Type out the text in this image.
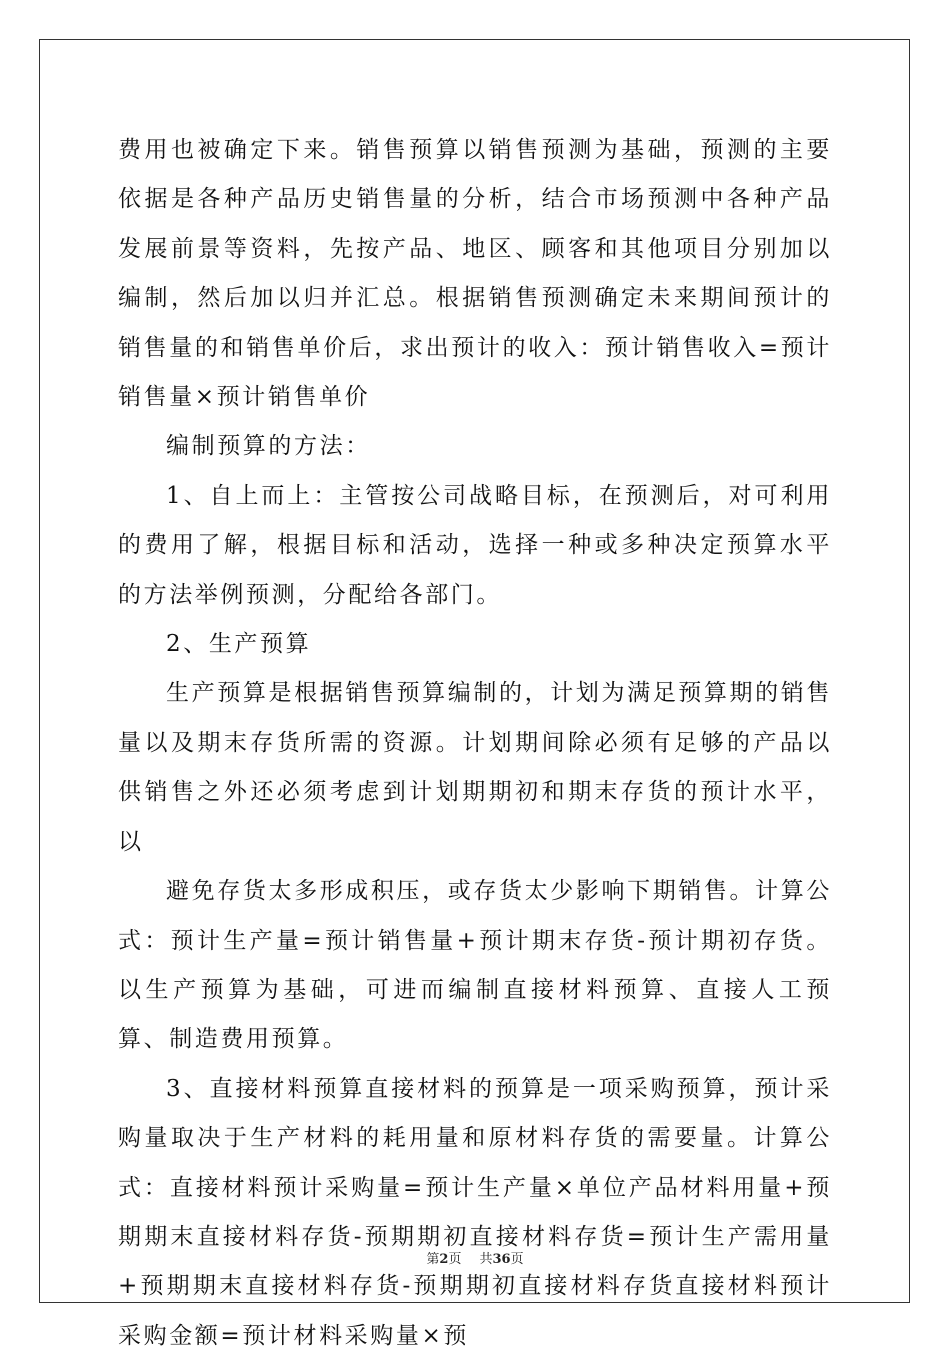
费用也被确定下来。销售预算以销售预测为基础，预测的主要依据是各种产品历史销售量的分析，结合市场预测中各种产品发展前景等资料，先按产品、地区、顾客和其他项目分别加以编制，然后加以归并汇总。根据销售预测确定未来期间预计的销售量的和销售单价后，求出预计的收入：预计销售收入=预计销售量×预计销售单价

编制预算的方法：

1、自上而上：主管按公司战略目标，在预测后，对可利用的费用了解，根据目标和活动，选择一种或多种决定预算水平的方法举例预测，分配给各部门。

2、生产预算

生产预算是根据销售预算编制的，计划为满足预算期的销售量以及期末存货所需的资源。计划期间除必须有足够的产品以供销售之外还必须考虑到计划期期初和期末存货的预计水平，以

避免存货太多形成积压，或存货太少影响下期销售。计算公式：预计生产量=预计销售量+预计期末存货-预计期初存货。以生产预算为基础，可进而编制直接材料预算、直接人工预算、制造费用预算。

3、直接材料预算直接材料的预算是一项采购预算，预计采购量取决于生产材料的耗用量和原材料存货的需要量。计算公式：直接材料预计采购量=预计生产量×单位产品材料用量+预期期末直接材料存货-预期期初直接材料存货=预计生产需用量+预期期末直接材料存货-预期期初直接材料存货直接材料预计采购金额=预计材料采购量×预

第2页 共36页
